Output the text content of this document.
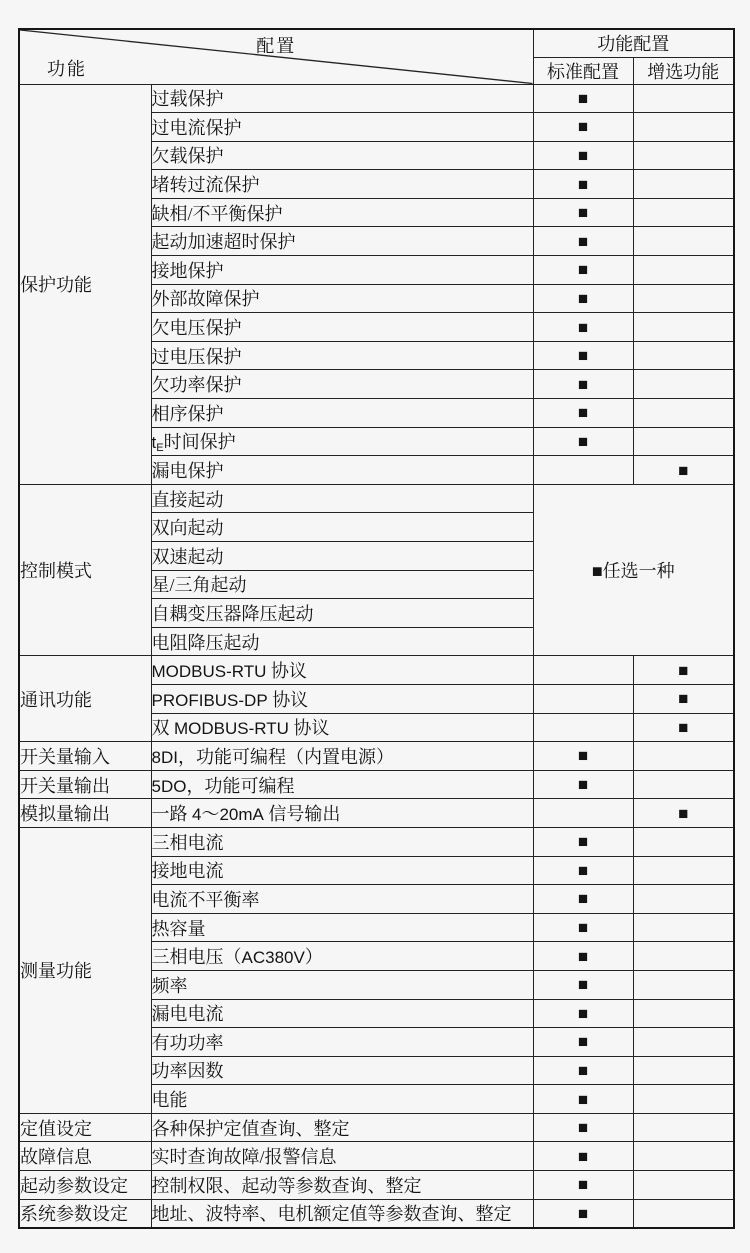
配置
功能		功能配置	
		标准配置	增选功能
保护功能	过载保护	■	
	过电流保护	■	
	欠载保护	■	
	堵转过流保护	■	
	缺相/不平衡保护	■	
	起动加速超时保护	■	
	接地保护	■	
	外部故障保护	■	
	欠电压保护	■	
	过电压保护	■	
	欠功率保护	■	
	相序保护	■	
	$t_E$时间保护	■	
	漏电保护		■
控制模式	直接起动	■任选一种	
	双向起动		
	双速起动		
	星/三角起动		
	自耦变压器降压起动		
	电阻降压起动		
通讯功能	MODBUS-RTU 协议		■
	PROFIBUS-DP 协议		■
	双 MODBUS-RTU 协议		■
开关量输入	8DI，功能可编程（内置电源）	■	
开关量输出	5DO，功能可编程	■	
模拟量输出	一路 4～20mA 信号输出		■
测量功能	三相电流	■	
	接地电流	■	
	电流不平衡率	■	
	热容量	■	
	三相电压（AC380V）	■	
	频率	■	
	漏电电流	■	
	有功功率	■	
	功率因数	■	
	电能	■	
定值设定	各种保护定值查询、整定	■	
故障信息	实时查询故障/报警信息	■	
起动参数设定	控制权限、起动等参数查询、整定	■	
系统参数设定	地址、波特率、电机额定值等参数查询、整定	■	
